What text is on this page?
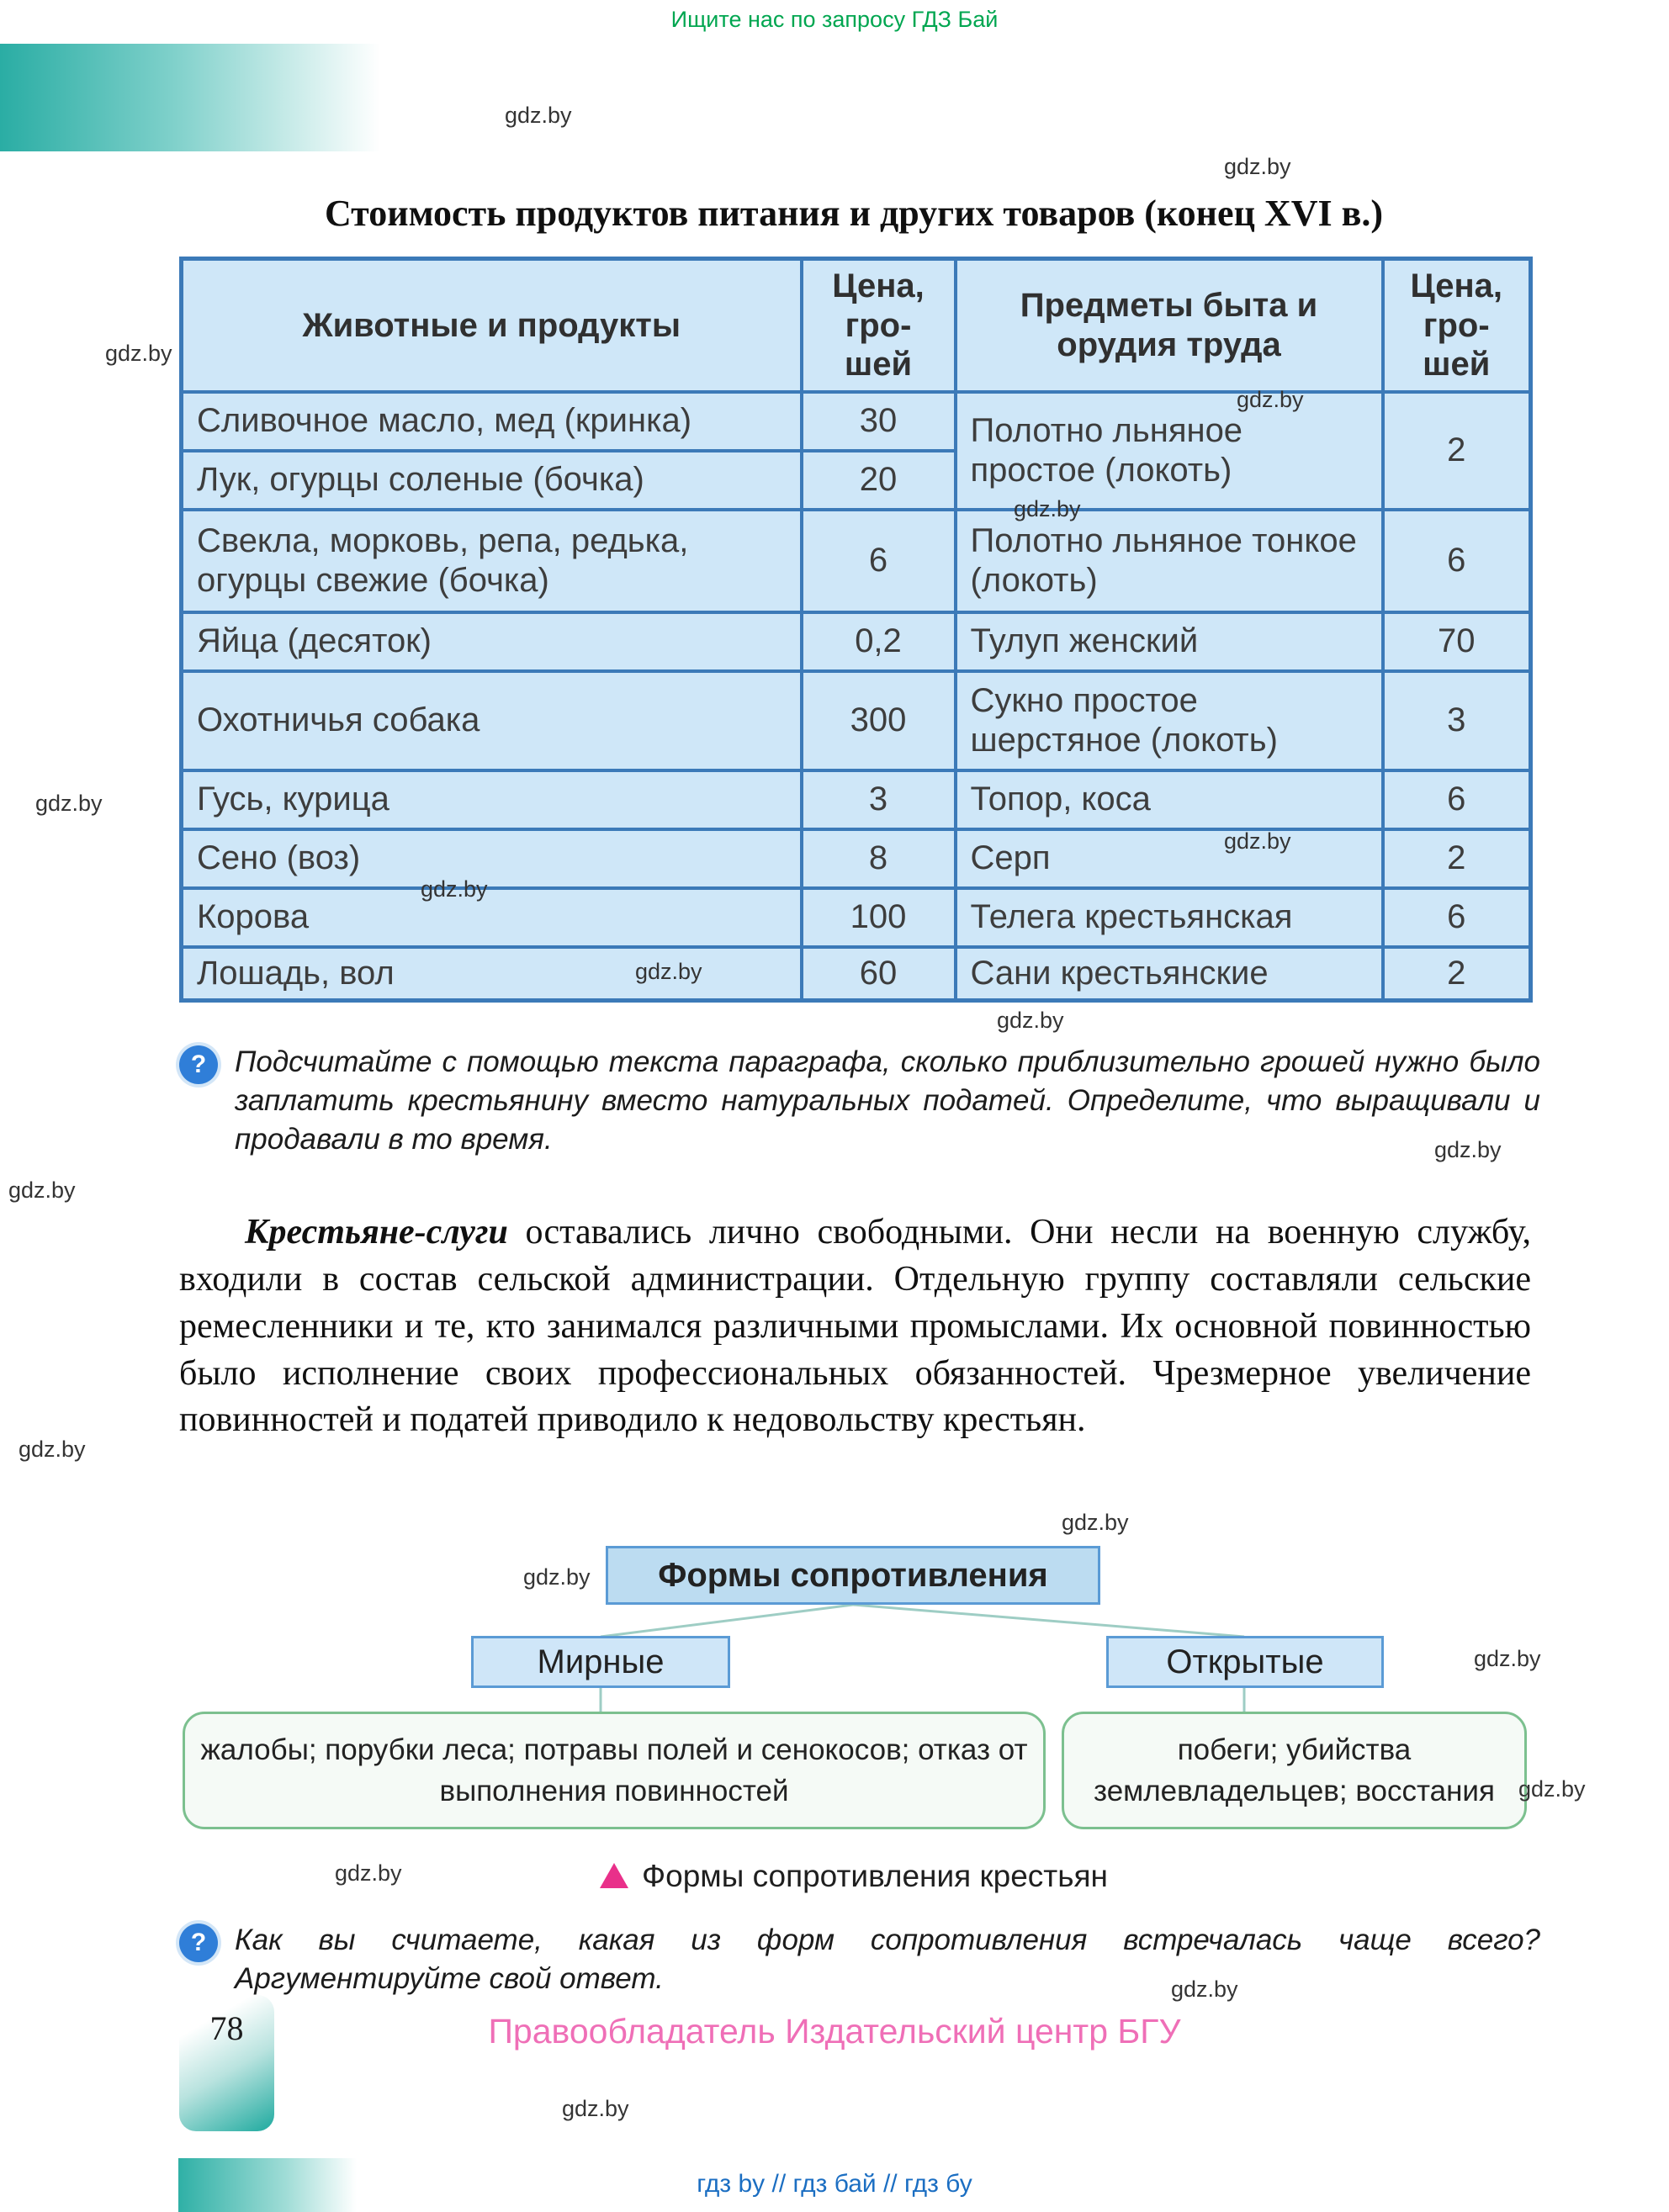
Ищите нас по запросу ГДЗ Бай
gdz.by
gdz.by
gdz.by
gdz.by
gdz.by
gdz.by
gdz.by
gdz.by
gdz.by
gdz.by
gdz.by
gdz.by
gdz.by
gdz.by
gdz.by
gdz.by
gdz.by
gdz.by
gdz.by
gdz.by
Стоимость продуктов питания и других товаров (конец XVI в.)
Животные и продукты	Цена,
гро-
шей	Предметы быта и орудия труда	Цена,
гро-
шей

Сливочное масло, мед (кринка)	30	Полотно льняное простое (локоть)	2
Лук, огурцы соленые (бочка)	20		
Свекла, морковь, репа, редька, огурцы свежие (бочка)	6	Полотно льняное тонкое (локоть)	6
Яйца (десяток)	0,2	Тулуп женский	70
Охотничья собака	300	Сукно простое шерстяное (локоть)	3
Гусь, курица	3	Топор, коса	6
Сено (воз)	8	Серп	2
Корова	100	Телега крестьянская	6
Лошадь, вол	60	Сани крестьянские	2
? Подсчитайте с помощью текста параграфа, сколько приблизительно грошей нужно было заплатить крестьянину вместо натуральных податей. Определите, что выращивали и продавали в то время.

Крестьяне-слуги оставались лично свободными. Они несли на военную службу, входили в состав сельской администрации. Отдельную группу составляли сельские ремесленники и те, кто занимался различными промыслами. Их основной повинностью было исполнение своих профессиональных обязанностей. Чрезмерное увеличение повинностей и податей приводило к недовольству крестьян.

Формы сопротивления
Мирные	Открытые
жалобы; порубки леса; потравы полей и сенокосов; отказ от выполнения повинностей
побеги; убийства землевладельцев; восстания
Формы сопротивления крестьян
? Как вы считаете, какая из форм сопротивления встречалась чаще всего? Аргументируйте свой ответ.

Правообладатель Издательский центр БГУ
78
гдз by // гдз бай // гдз бу
